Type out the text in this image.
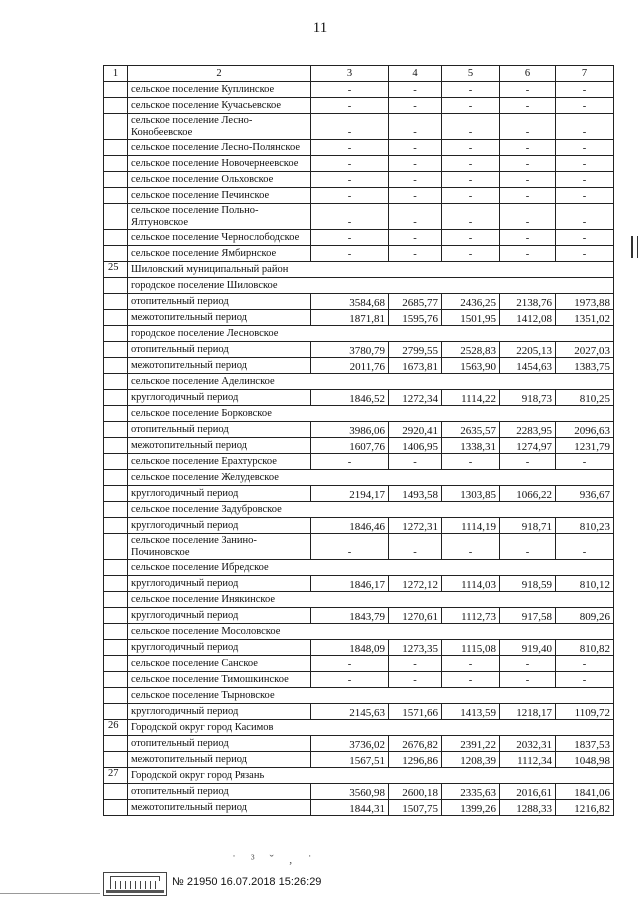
11
1	2	3	4	5	6	7
	сельское поселение Куплинское	-	-	-	-	-
	сельское поселение Кучасьевское	-	-	-	-	-
	сельское поселение Лесно-Конобеевское	-	-	-	-	-
	сельское поселение Лесно-Полянское	-	-	-	-	-
	сельское поселение Новочернеевское	-	-	-	-	-
	сельское поселение Ольховское	-	-	-	-	-
	сельское поселение Печинское	-	-	-	-	-
	сельское поселение Польно-Ялтуновское	-	-	-	-	-
	сельское поселение Чернослободское	-	-	-	-	-
	сельское поселение Ямбирнское	-	-	-	-	-
25	Шиловский муниципальный район					
	городское поселение Шиловское					
	отопительный период	3584,68	2685,77	2436,25	2138,76	1973,88
	межотопительный период	1871,81	1595,76	1501,95	1412,08	1351,02
	городское поселение Лесновское					
	отопительный период	3780,79	2799,55	2528,83	2205,13	2027,03
	межотопительный период	2011,76	1673,81	1563,90	1454,63	1383,75
	сельское поселение Аделинское					
	круглогодичный период	1846,52	1272,34	1114,22	918,73	810,25
	сельское поселение Борковское					
	отопительный период	3986,06	2920,41	2635,57	2283,95	2096,63
	межотопительный период	1607,76	1406,95	1338,31	1274,97	1231,79
	сельское поселение Ерахтурское	-	-	-	-	-
	сельское поселение Желудевское					
	круглогодичный период	2194,17	1493,58	1303,85	1066,22	936,67
	сельское поселение Задубровское					
	круглогодичный период	1846,46	1272,31	1114,19	918,71	810,23
	сельское поселение Занино-Починовское	-	-	-	-	-
	сельское поселение Ибредское					
	круглогодичный период	1846,17	1272,12	1114,03	918,59	810,12
	сельское поселение Инякинское					
	круглогодичный период	1843,79	1270,61	1112,73	917,58	809,26
	сельское поселение Мосоловское					
	круглогодичный период	1848,09	1273,35	1115,08	919,40	810,82
	сельское поселение Санское	-	-	-	-	-
	сельское поселение Тимошкинское	-	-	-	-	-
	сельское поселение Тырновское					
	круглогодичный период	2145,63	1571,66	1413,59	1218,17	1109,72
26	Городской округ город Касимов					
	отопительный период	3736,02	2676,82	2391,22	2032,31	1837,53
	межотопительный период	1567,51	1296,86	1208,39	1112,34	1048,98
27	Городской округ город Рязань					
	отопительный период	3560,98	2600,18	2335,63	2016,61	1841,06
	межотопительный период	1844,31	1507,75	1399,26	1288,33	1216,82
˙ ³ ˇ ‚ ˙
№ 21950 16.07.2018 15:26:29
